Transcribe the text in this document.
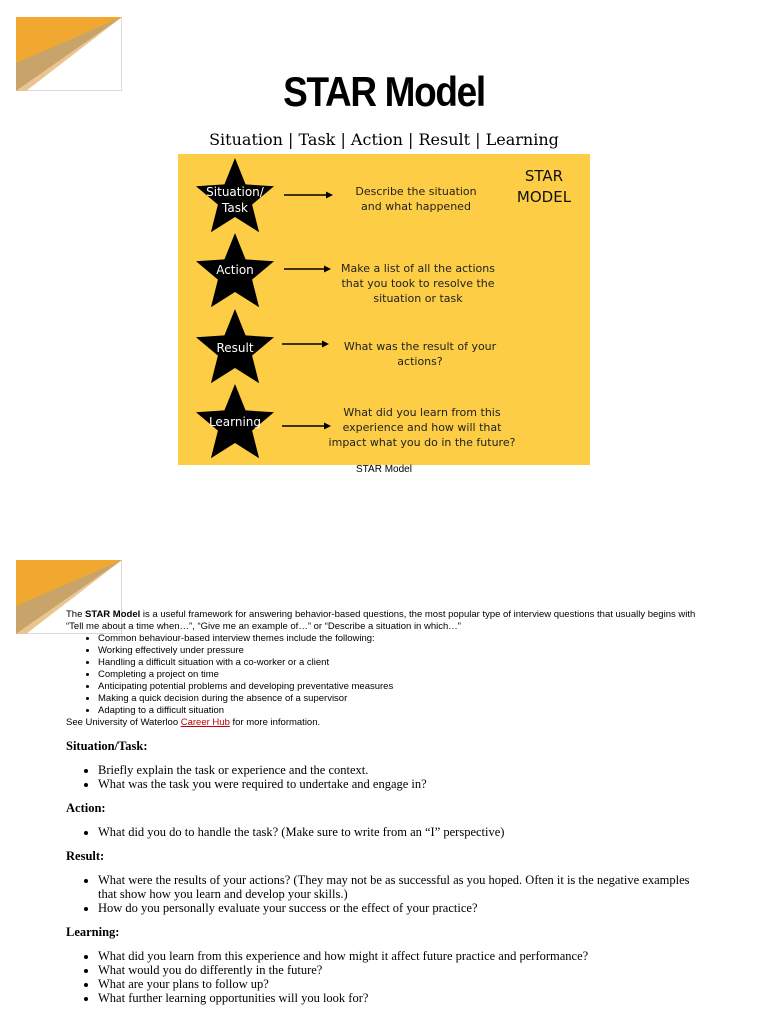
STAR Model
Situation | Task | Action | Result | Learning
STAR
MODEL
Situation/
Task
Describe the situation
and what happened
Action	Make a list of all the actions
that you took to resolve the
situation or task
Result	What was the result of your
actions?
Learning
What did you learn from this
experience and how will that
impact what you do in the future?
STAR Model

The STAR Model is a useful framework for answering behavior-based questions, the most popular type of interview questions that usually begins with “Tell me about a time when…”, “Give me an example of…” or “Describe a situation in which…”

• Common behaviour-based interview themes include the following:
• Working effectively under pressure
• Handling a difficult situation with a co-worker or a client
• Completing a project on time
• Anticipating potential problems and developing preventative measures
• Making a quick decision during the absence of a supervisor
• Adapting to a difficult situation

See University of Waterloo Career Hub for more information.

Situation/Task:
• Briefly explain the task or experience and the context.
• What was the task you were required to undertake and engage in?
Action:
• What did you do to handle the task? (Make sure to write from an “I” perspective)
Result:
• What were the results of your actions? (They may not be as successful as you hoped. Often it is the negative examples that show how you learn and develop your skills.)
• How do you personally evaluate your success or the effect of your practice?
Learning:
• What did you learn from this experience and how might it affect future practice and performance?
• What would you do differently in the future?
• What are your plans to follow up?
• What further learning opportunities will you look for?
